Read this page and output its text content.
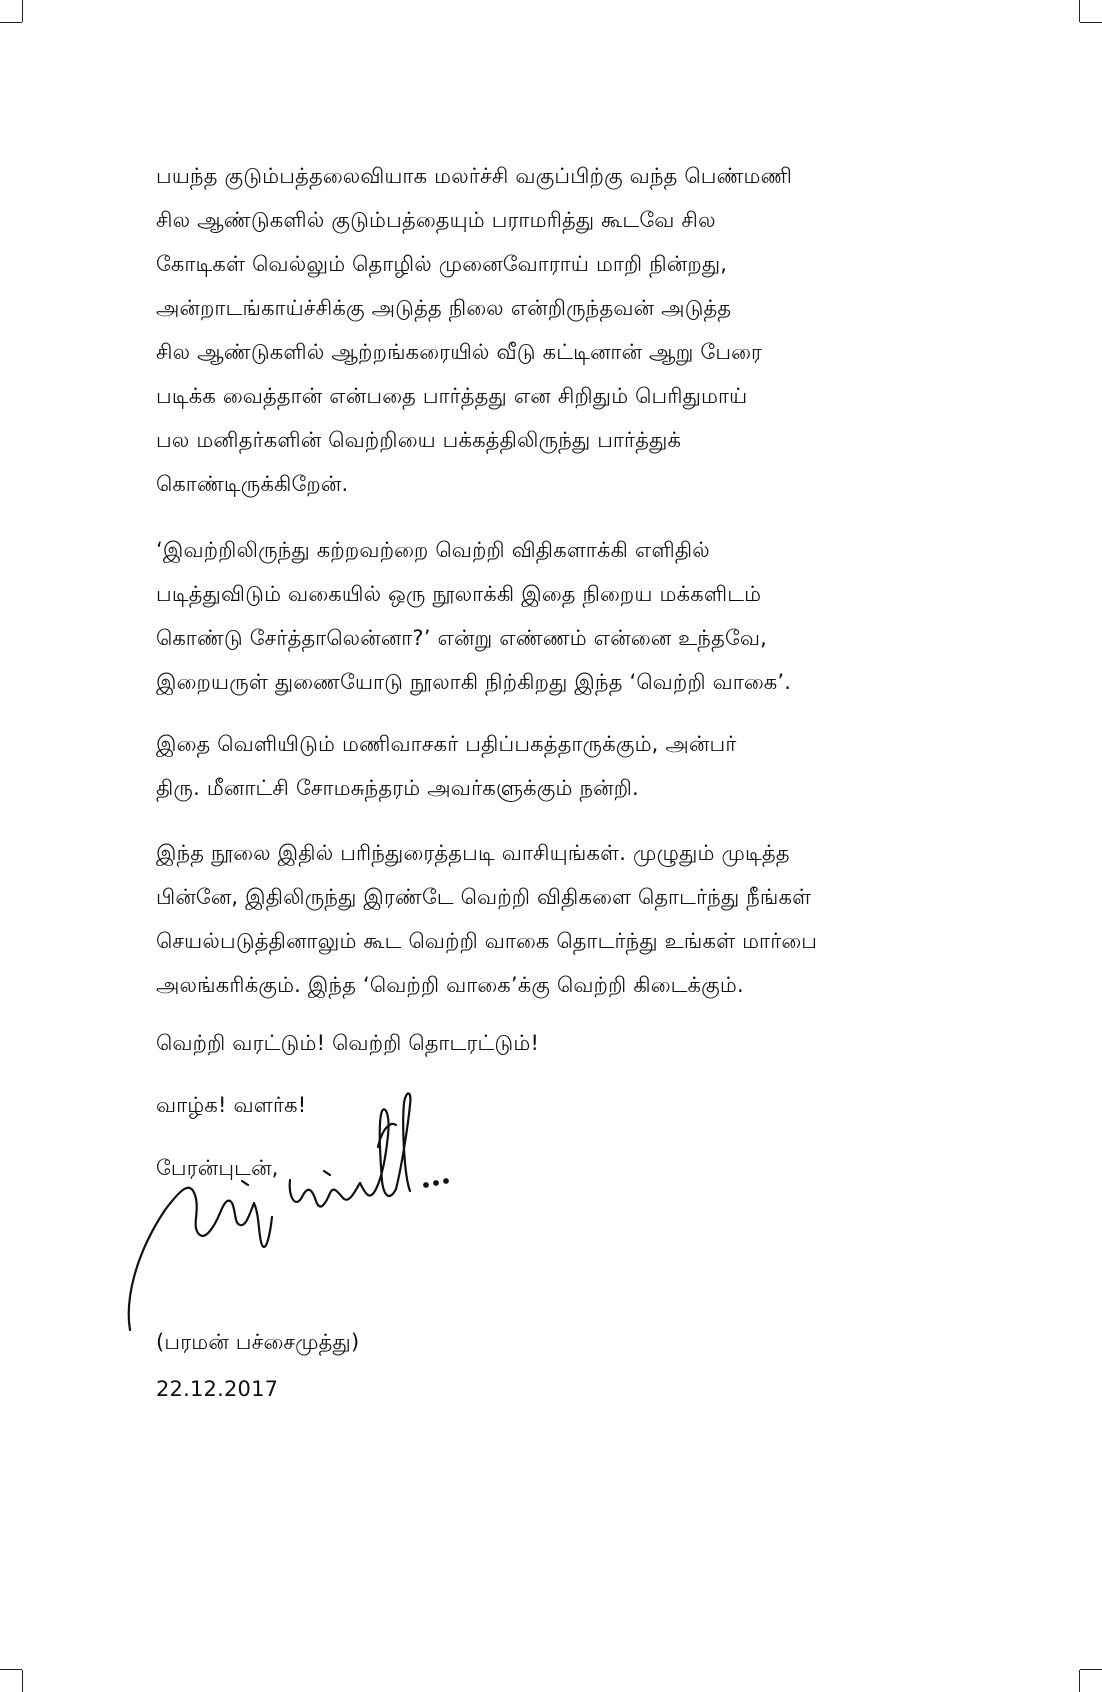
பயந்த குடும்பத்தலைவியாக மலர்ச்சி வகுப்பிற்கு வந்த பெண்மணி
சில ஆண்டுகளில் குடும்பத்தையும் பராமரித்து கூடவே சில
கோடிகள் வெல்லும் தொழில் முனைவோராய் மாறி நின்றது,
அன்றாடங்காய்ச்சிக்கு அடுத்த நிலை என்றிருந்தவன் அடுத்த
சில ஆண்டுகளில் ஆற்றங்கரையில் வீடு கட்டினான் ஆறு பேரை
படிக்க வைத்தான் என்பதை பார்த்தது என சிறிதும் பெரிதுமாய்
பல மனிதர்களின் வெற்றியை பக்கத்திலிருந்து பார்த்துக்
கொண்டிருக்கிறேன்.
‘இவற்றிலிருந்து கற்றவற்றை வெற்றி விதிகளாக்கி எளிதில்
படித்துவிடும் வகையில் ஒரு நூலாக்கி இதை நிறைய மக்களிடம்
கொண்டு சேர்த்தாலென்னா?’ என்று எண்ணம் என்னை உந்தவே,
இறையருள் துணையோடு நூலாகி நிற்கிறது இந்த ‘வெற்றி வாகை’.
இதை வெளியிடும் மணிவாசகர் பதிப்பகத்தாருக்கும், அன்பர்
திரு. மீனாட்சி சோமசுந்தரம் அவர்களுக்கும் நன்றி.
இந்த நூலை இதில் பரிந்துரைத்தபடி வாசியுங்கள். முழுதும் முடித்த
பின்னே, இதிலிருந்து இரண்டே வெற்றி விதிகளை தொடர்ந்து நீங்கள்
செயல்படுத்தினாலும் கூட வெற்றி வாகை தொடர்ந்து உங்கள் மார்பை
அலங்கரிக்கும். இந்த ‘வெற்றி வாகை’க்கு வெற்றி கிடைக்கும்.
வெற்றி வரட்டும்! வெற்றி தொடரட்டும்!
வாழ்க! வளர்க!
பேரன்புடன்,
(பரமன் பச்சைமுத்து)
22.12.2017
